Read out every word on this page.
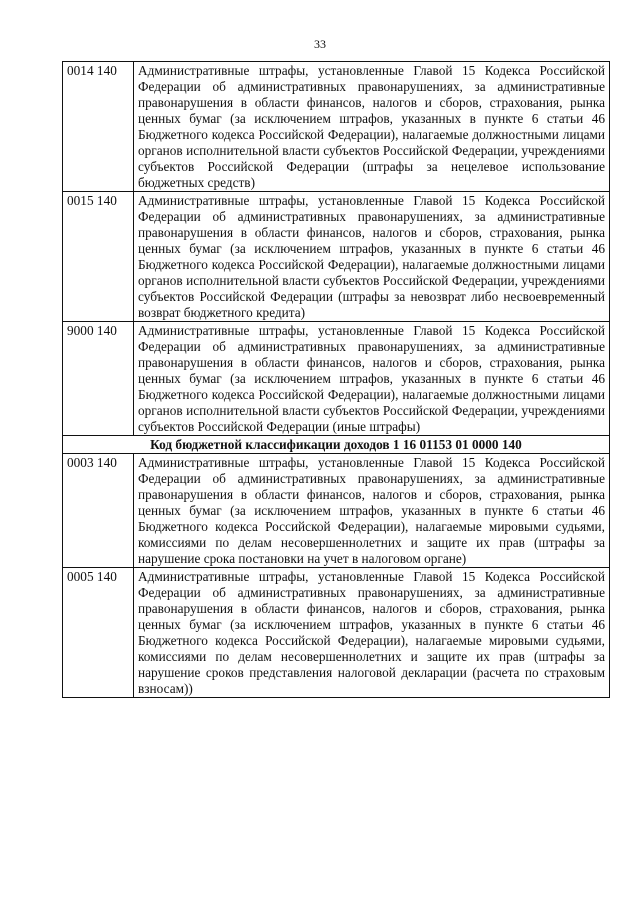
33
0014 140	Административные штрафы, установленные Главой 15 Кодекса Российской Федерации об административных правонарушениях, за административные правонарушения в области финансов, налогов и сборов, страхования, рынка ценных бумаг (за исключением штрафов, указанных в пункте 6 статьи 46 Бюджетного кодекса Российской Федерации), налагаемые должностными лицами органов исполнительной власти субъектов Российской Федерации, учреждениями субъектов Российской Федерации (штрафы за нецелевое использование бюджетных средств)
0015 140	Административные штрафы, установленные Главой 15 Кодекса Российской Федерации об административных правонарушениях, за административные правонарушения в области финансов, налогов и сборов, страхования, рынка ценных бумаг (за исключением штрафов, указанных в пункте 6 статьи 46 Бюджетного кодекса Российской Федерации), налагаемые должностными лицами органов исполнительной власти субъектов Российской Федерации, учреждениями субъектов Российской Федерации (штрафы за невозврат либо несвоевременный возврат бюджетного кредита)
9000 140	Административные штрафы, установленные Главой 15 Кодекса Российской Федерации об административных правонарушениях, за административные правонарушения в области финансов, налогов и сборов, страхования, рынка ценных бумаг (за исключением штрафов, указанных в пункте 6 статьи 46 Бюджетного кодекса Российской Федерации), налагаемые должностными лицами органов исполнительной власти субъектов Российской Федерации, учреждениями субъектов Российской Федерации (иные штрафы)
Код бюджетной классификации доходов 1 16 01153 01 0000 140	
0003 140	Административные штрафы, установленные Главой 15 Кодекса Российской Федерации об административных правонарушениях, за административные правонарушения в области финансов, налогов и сборов, страхования, рынка ценных бумаг (за исключением штрафов, указанных в пункте 6 статьи 46 Бюджетного кодекса Российской Федерации), налагаемые мировыми судьями, комиссиями по делам несовершеннолетних и защите их прав (штрафы за нарушение срока постановки на учет в налоговом органе)
0005 140	Административные штрафы, установленные Главой 15 Кодекса Российской Федерации об административных правонарушениях, за административные правонарушения в области финансов, налогов и сборов, страхования, рынка ценных бумаг (за исключением штрафов, указанных в пункте 6 статьи 46 Бюджетного кодекса Российской Федерации), налагаемые мировыми судьями, комиссиями по делам несовершеннолетних и защите их прав (штрафы за нарушение сроков представления налоговой декларации (расчета по страховым взносам))
